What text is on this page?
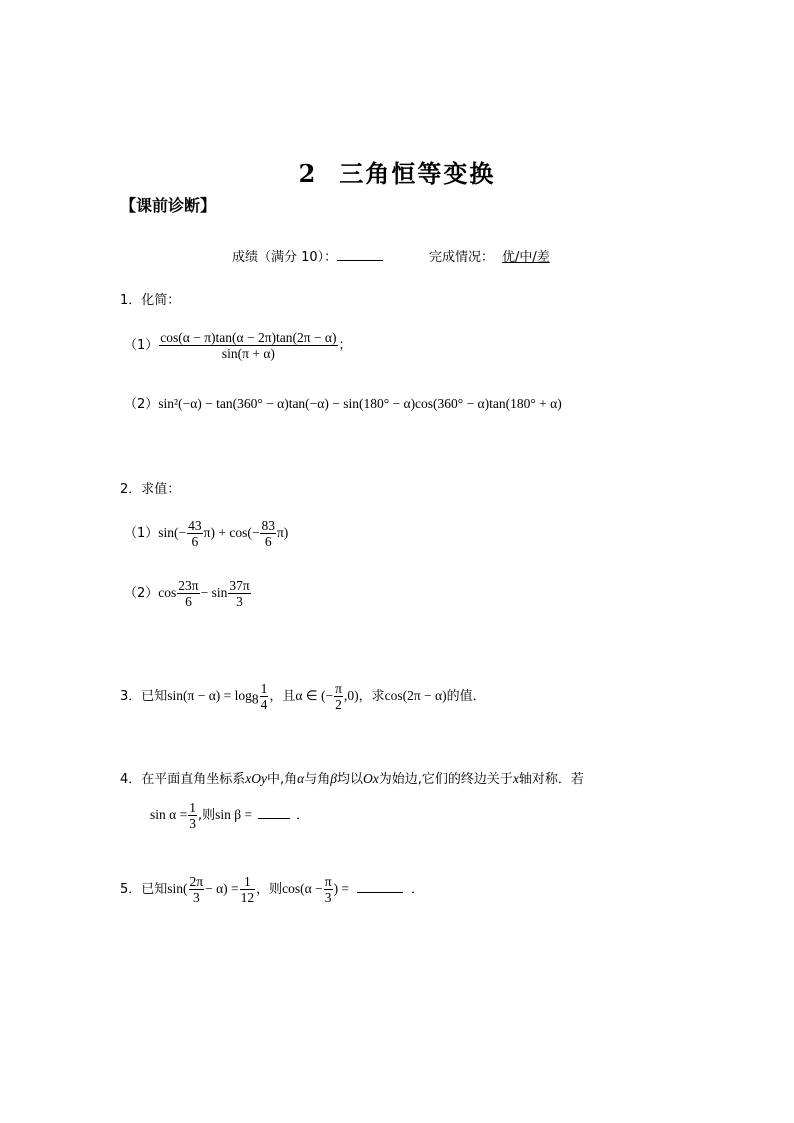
2 三角恒等变换
【课前诊断】
成绩（满分 10）：	完成情况： 优/中/差
1．化简：
$(1) \frac{\cos(\alpha - \pi)\tan(\alpha - 2\pi)\tan(2\pi - \alpha)}{\sin(\pi + \alpha)}$ ；
（2）sin²(−α) − tan(360° − α)tan(−α) − sin(180° − α)cos(360° − α)tan(180° + α)
2．求值：
$(1)\sin(- \frac{43}{6} \pi) + \cos(- \frac{83}{6} \pi)$
$(2)\cos \frac{23\pi}{6} - \sin \frac{37\pi}{3}$
3．已知$\sin(\pi - \alpha) = \log_8 \frac{1}{4}$ ，且α ∈ (− $\frac{\pi}{2} ,0$)，求cos(2π − α)的值．
4．在平面直角坐标系xOy中,角α与角β均以Ox为始边,它们的终边关于x轴对称．若
$\sin \alpha = \frac{1}{3}$ ,则sin β =	．
5．已知$\sin( \frac{2\pi}{3} - \alpha) = \frac{1}{12}$ ，则$\cos(\alpha - \frac{\pi}{3}$ ) =	．
